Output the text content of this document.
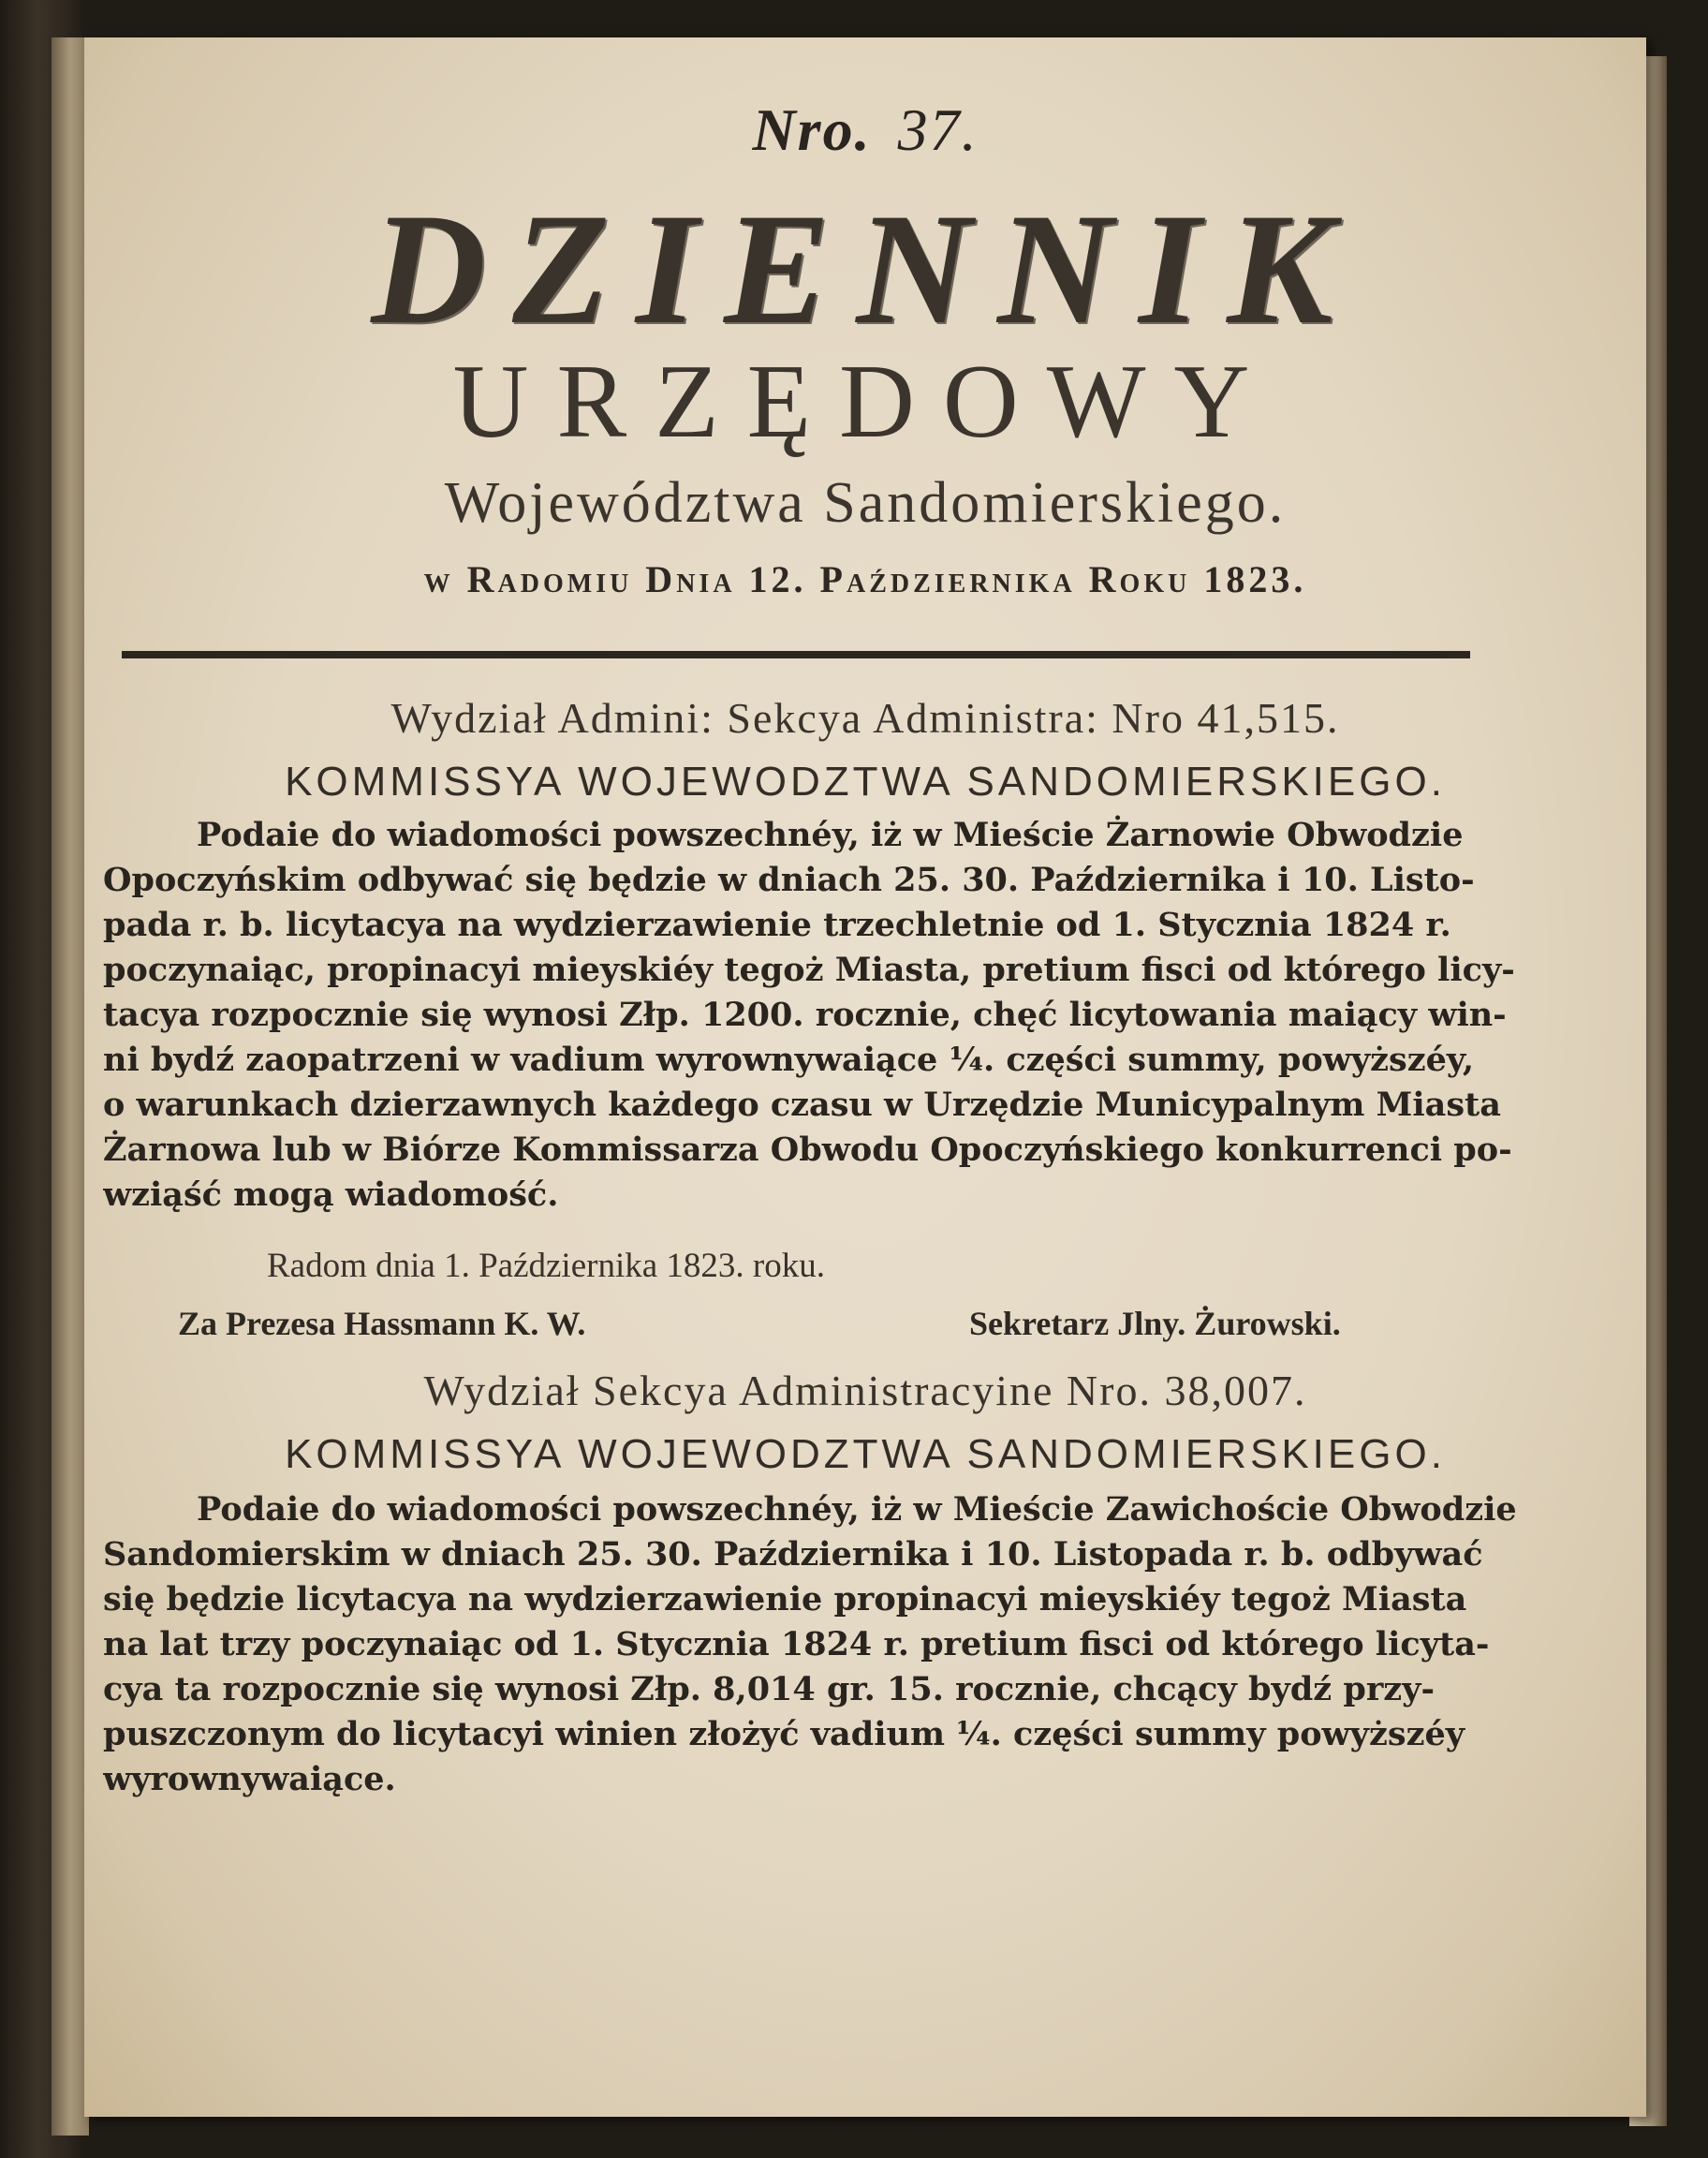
Nro. 37.
DZIENNIK
URZĘDOWY
Województwa Sandomierskiego.
w Radomiu Dnia 12. Października Roku 1823.
Wydział Admini: Sekcya Administra: Nro 41,515.
KOMMISSYA WOJEWODZTWA SANDOMIERSKIEGO.
Podaie do wiadomości powszechnéy, iż w Mieście Żarnowie Obwodzie
Opoczyńskim odbywać się będzie w dniach 25. 30. Października i 10. Listo-
pada r. b. licytacya na wydzierzawienie trzechletnie od 1. Stycznia 1824 r.
poczynaiąc, propinacyi mieyskiéy tegoż Miasta, pretium fisci od którego licy-
tacya rozpocznie się wynosi Złp. 1200. rocznie, chęć licytowania maiący win-
ni bydź zaopatrzeni w vadium wyrownywaiące ¼. części summy, powyższéy,
o warunkach dzierzawnych każdego czasu w Urzędzie Municypalnym Miasta
Żarnowa lub w Biórze Kommissarza Obwodu Opoczyńskiego konkurrenci po-
wziąść mogą wiadomość.
Radom dnia 1. Października 1823. roku.
Za Prezesa Hassmann K. W.	Sekretarz Jlny. Żurowski.
Wydział Sekcya Administracyine Nro. 38,007.
KOMMISSYA WOJEWODZTWA SANDOMIERSKIEGO.
Podaie do wiadomości powszechnéy, iż w Mieście Zawichoście Obwodzie
Sandomierskim w dniach 25. 30. Października i 10. Listopada r. b. odbywać
się będzie licytacya na wydzierzawienie propinacyi mieyskiéy tegoż Miasta
na lat trzy poczynaiąc od 1. Stycznia 1824 r. pretium fisci od którego licyta-
cya ta rozpocznie się wynosi Złp. 8,014 gr. 15. rocznie, chcący bydź przy-
puszczonym do licytacyi winien złożyć vadium ¼. części summy powyższéy
wyrownywaiące.
